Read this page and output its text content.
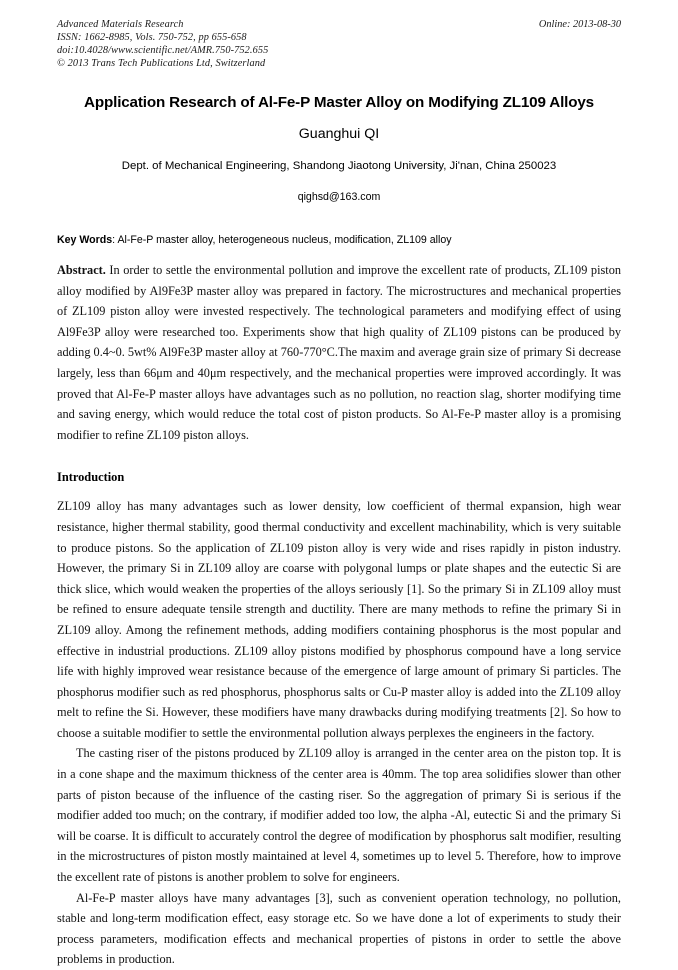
Advanced Materials Research
ISSN: 1662-8985, Vols. 750-752, pp 655-658
doi:10.4028/www.scientific.net/AMR.750-752.655
© 2013 Trans Tech Publications Ltd, Switzerland
Online: 2013-08-30
Application Research of Al-Fe-P Master Alloy on Modifying ZL109 Alloys
Guanghui QI
Dept. of Mechanical Engineering, Shandong Jiaotong University, Ji'nan, China 250023
qighsd@163.com
Key Words: Al-Fe-P master alloy, heterogeneous nucleus, modification, ZL109 alloy
Abstract. In order to settle the environmental pollution and improve the excellent rate of products, ZL109 piston alloy modified by Al9Fe3P master alloy was prepared in factory. The microstructures and mechanical properties of ZL109 piston alloy were invested respectively. The technological parameters and modifying effect of using Al9Fe3P alloy were researched too. Experiments show that high quality of ZL109 pistons can be produced by adding 0.4~0. 5wt% Al9Fe3P master alloy at 760-770°C.The maxim and average grain size of primary Si decrease largely, less than 66μm and 40μm respectively, and the mechanical properties were improved accordingly. It was proved that Al-Fe-P master alloys have advantages such as no pollution, no reaction slag, shorter modifying time and saving energy, which would reduce the total cost of piston products. So Al-Fe-P master alloy is a promising modifier to refine ZL109 piston alloys.
Introduction

ZL109 alloy has many advantages such as lower density, low coefficient of thermal expansion, high wear resistance, higher thermal stability, good thermal conductivity and excellent machinability, which is very suitable to produce pistons. So the application of ZL109 piston alloy is very wide and rises rapidly in piston industry. However, the primary Si in ZL109 alloy are coarse with polygonal lumps or plate shapes and the eutectic Si are thick slice, which would weaken the properties of the alloys seriously [1]. So the primary Si in ZL109 alloy must be refined to ensure adequate tensile strength and ductility. There are many methods to refine the primary Si in ZL109 alloy. Among the refinement methods, adding modifiers containing phosphorus is the most popular and effective in industrial productions. ZL109 alloy pistons modified by phosphorus compound have a long service life with highly improved wear resistance because of the emergence of large amount of primary Si particles. The phosphorus modifier such as red phosphorus, phosphorus salts or Cu-P master alloy is added into the ZL109 alloy melt to refine the Si. However, these modifiers have many drawbacks during modifying treatments [2]. So how to choose a suitable modifier to settle the environmental pollution always perplexes the engineers in the factory.

The casting riser of the pistons produced by ZL109 alloy is arranged in the center area on the piston top. It is in a cone shape and the maximum thickness of the center area is 40mm. The top area solidifies slower than other parts of piston because of the influence of the casting riser. So the aggregation of primary Si is serious if the modifier added too much; on the contrary, if modifier added too low, the alpha -Al, eutectic Si and the primary Si will be coarse. It is difficult to accurately control the degree of modification by phosphorus salt modifier, resulting in the microstructures of piston mostly maintained at level 4, sometimes up to level 5. Therefore, how to improve the excellent rate of pistons is another problem to solve for engineers.

Al-Fe-P master alloys have many advantages [3], such as convenient operation technology, no pollution, stable and long-term modification effect, easy storage etc. So we have done a lot of experiments to study their process parameters, modification effects and mechanical properties of pistons in order to settle the above problems in production.
